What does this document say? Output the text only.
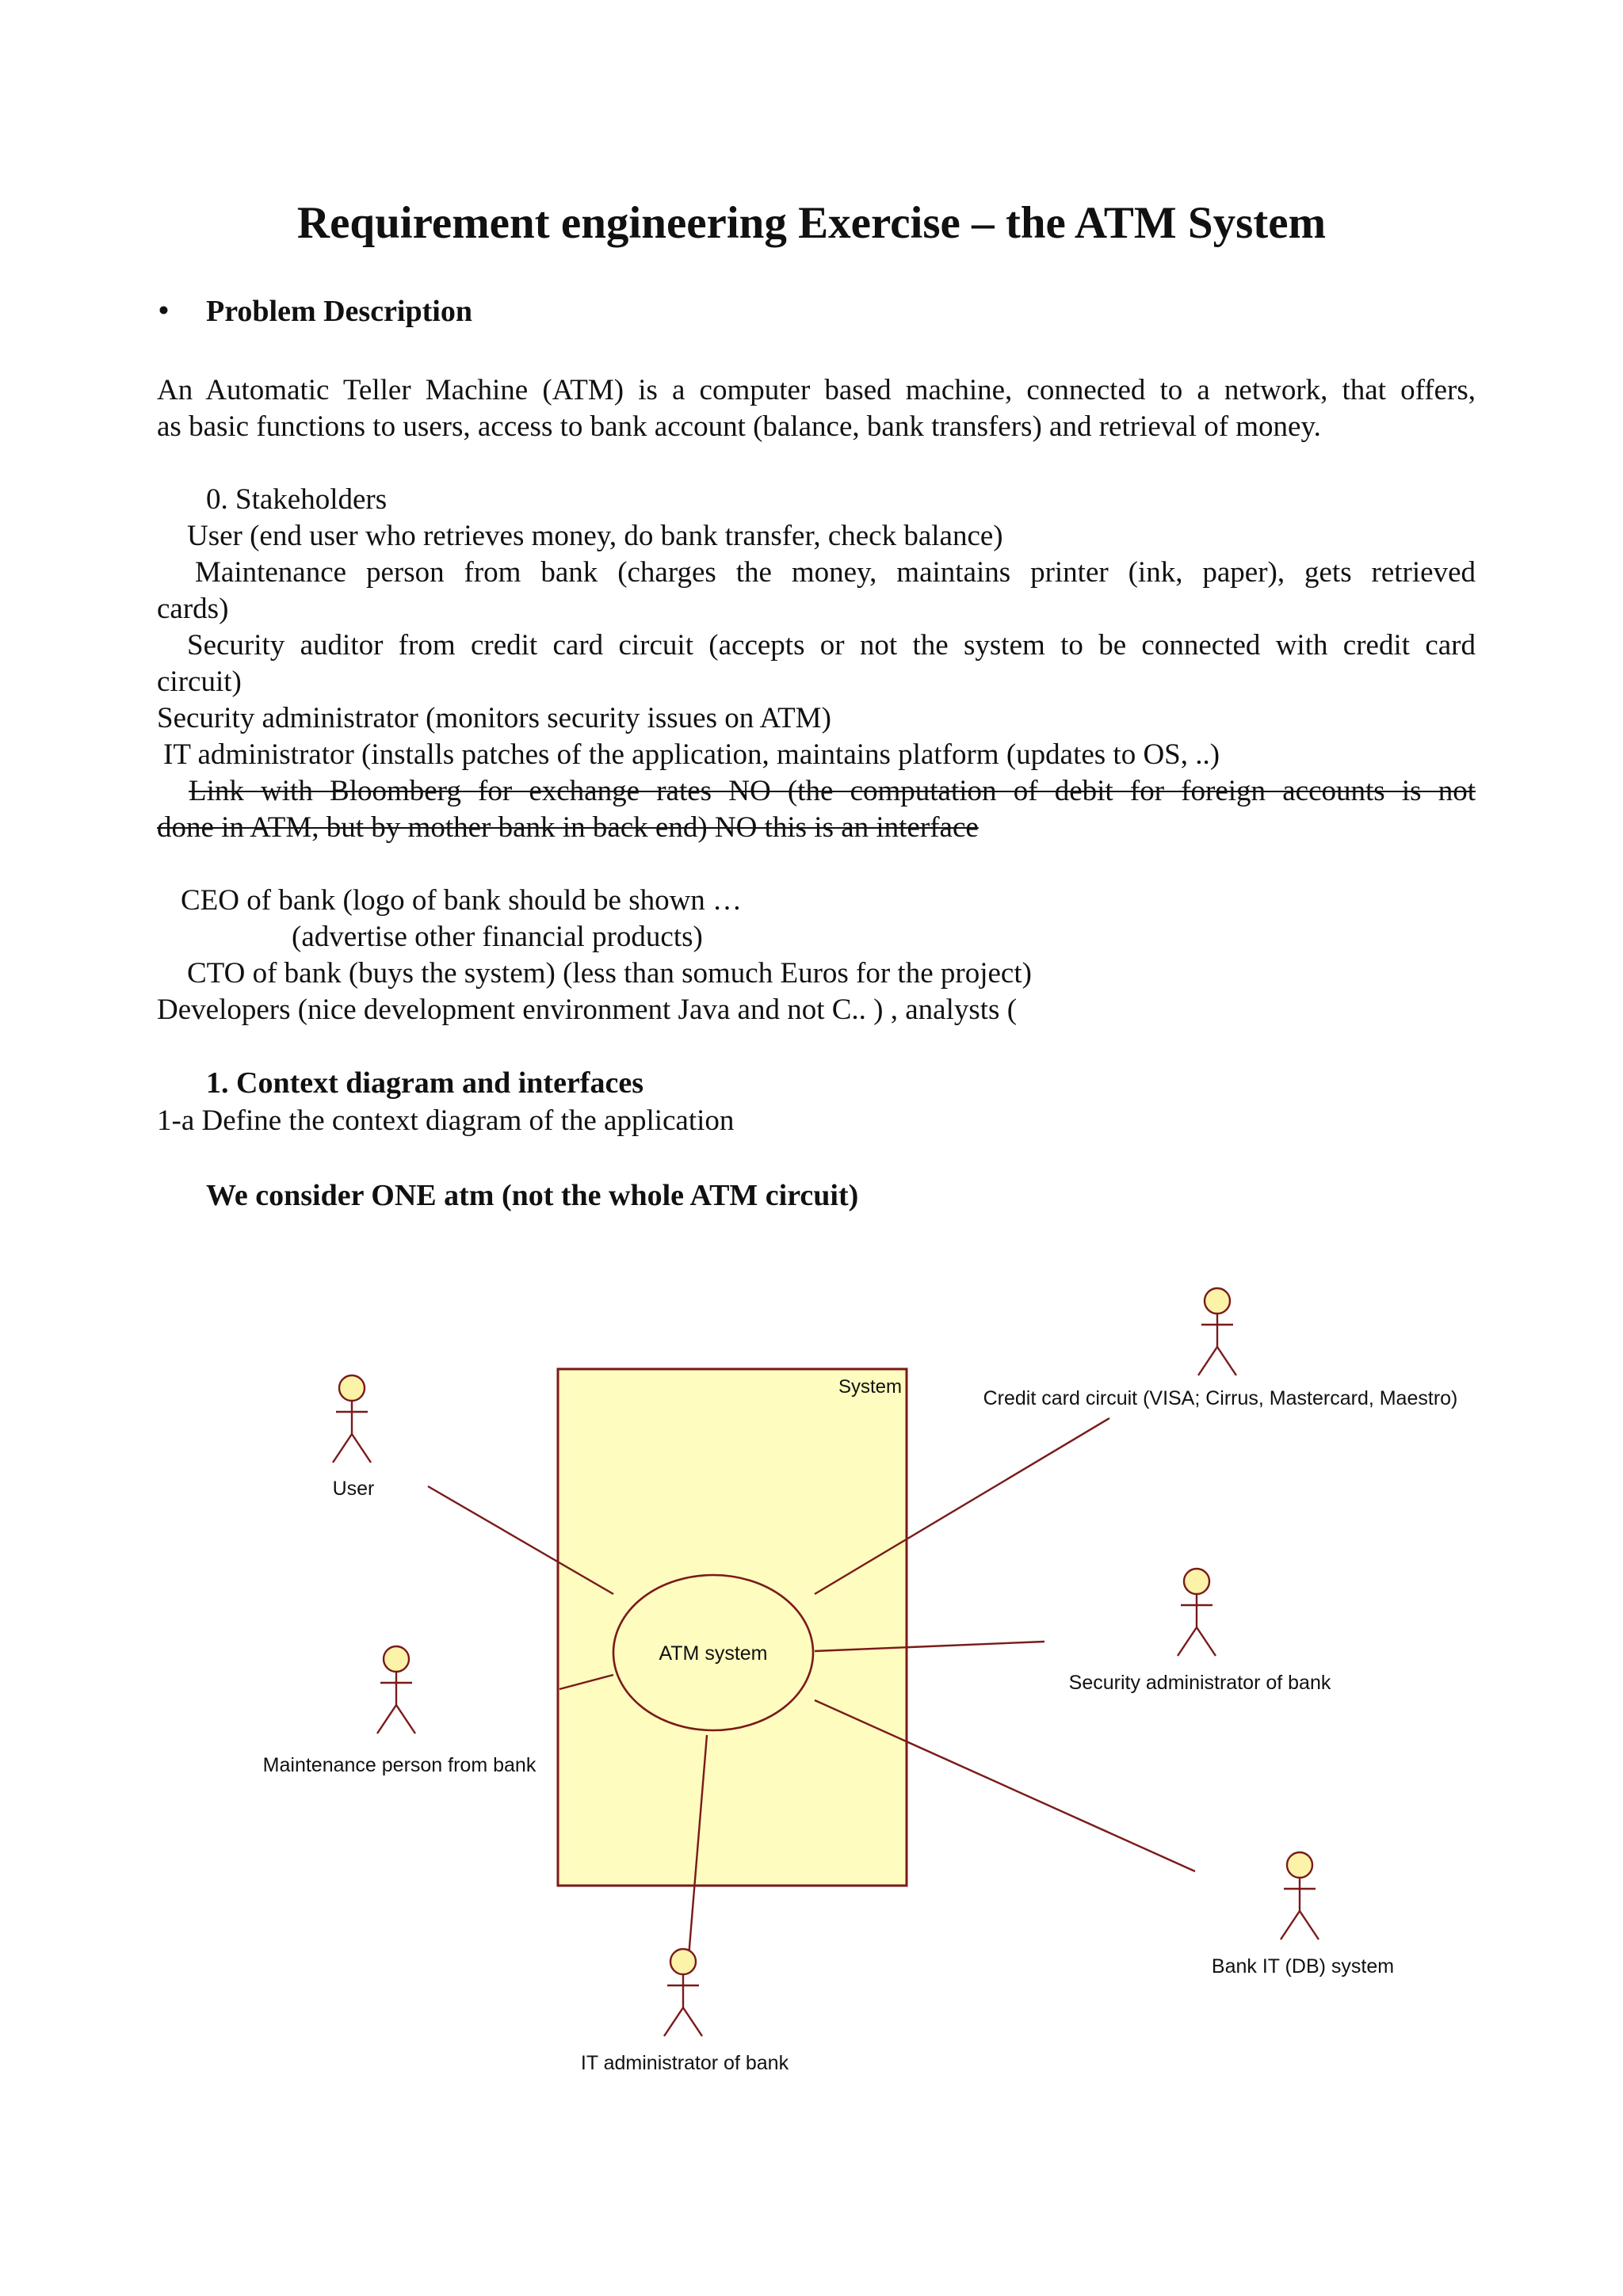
Requirement engineering Exercise – the ATM System
• Problem Description
An Automatic Teller Machine (ATM) is a computer based machine, connected to a network, that offers,
as basic functions to users, access to bank account (balance, bank transfers) and retrieval of money.
0. Stakeholders
User (end user who retrieves money, do bank transfer, check balance)
Maintenance person from bank (charges the money, maintains printer (ink, paper), gets retrieved
cards)
Security auditor from credit card circuit (accepts or not the system to be connected with credit card
circuit)
Security administrator (monitors security issues on ATM)
IT administrator (installs patches of the application, maintains platform (updates to OS, ..)
Link with Bloomberg for exchange rates NO (the computation of debit for foreign accounts is not
done in ATM, but by mother bank in back end) NO this is an interface
CEO of bank (logo of bank should be shown …
(advertise other financial products)
CTO of bank (buys the system) (less than somuch Euros for the project)
Developers (nice development environment Java and not C.. ) , analysts (
1. Context diagram and interfaces
1-a Define the context diagram of the application
We consider ONE atm (not the whole ATM circuit)
System
ATM system
User
Credit card circuit (VISA; Cirrus, Mastercard, Maestro)
Maintenance person from bank
Security administrator of bank
Bank IT (DB) system
IT administrator of bank
